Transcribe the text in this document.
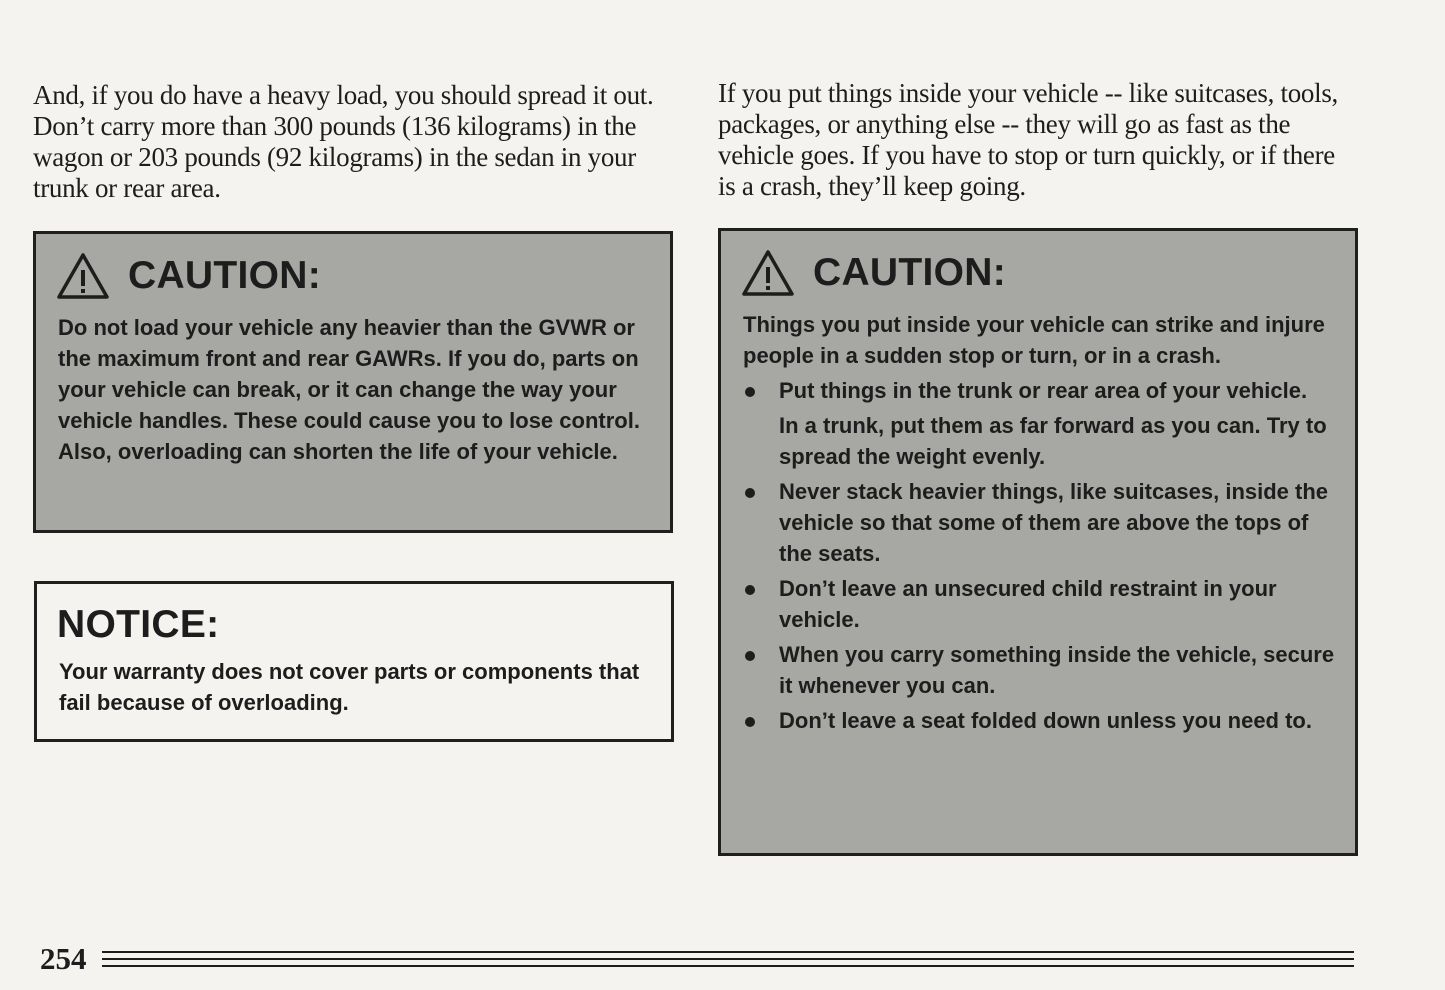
And, if you do have a heavy load, you should spread it out. Don’t carry more than 300 pounds (136 kilograms) in the wagon or 203 pounds (92 kilograms) in the sedan in your trunk or rear area.

If you put things inside your vehicle -- like suitcases, tools, packages, or anything else -- they will go as fast as the vehicle goes. If you have to stop or turn quickly, or if there is a crash, they’ll keep going.

CAUTION:

Do not load your vehicle any heavier than the GVWR or the maximum front and rear GAWRs. If you do, parts on your vehicle can break, or it can change the way your vehicle handles. These could cause you to lose control. Also, overloading can shorten the life of your vehicle.

NOTICE:

Your warranty does not cover parts or components that fail because of overloading.

CAUTION:

Things you put inside your vehicle can strike and injure people in a sudden stop or turn, or in a crash.

Put things in the trunk or rear area of your vehicle.

In a trunk, put them as far forward as you can. Try to spread the weight evenly.

Never stack heavier things, like suitcases, inside the vehicle so that some of them are above the tops of the seats.
Don’t leave an unsecured child restraint in your vehicle.
When you carry something inside the vehicle, secure it whenever you can.
Don’t leave a seat folded down unless you need to.
254
